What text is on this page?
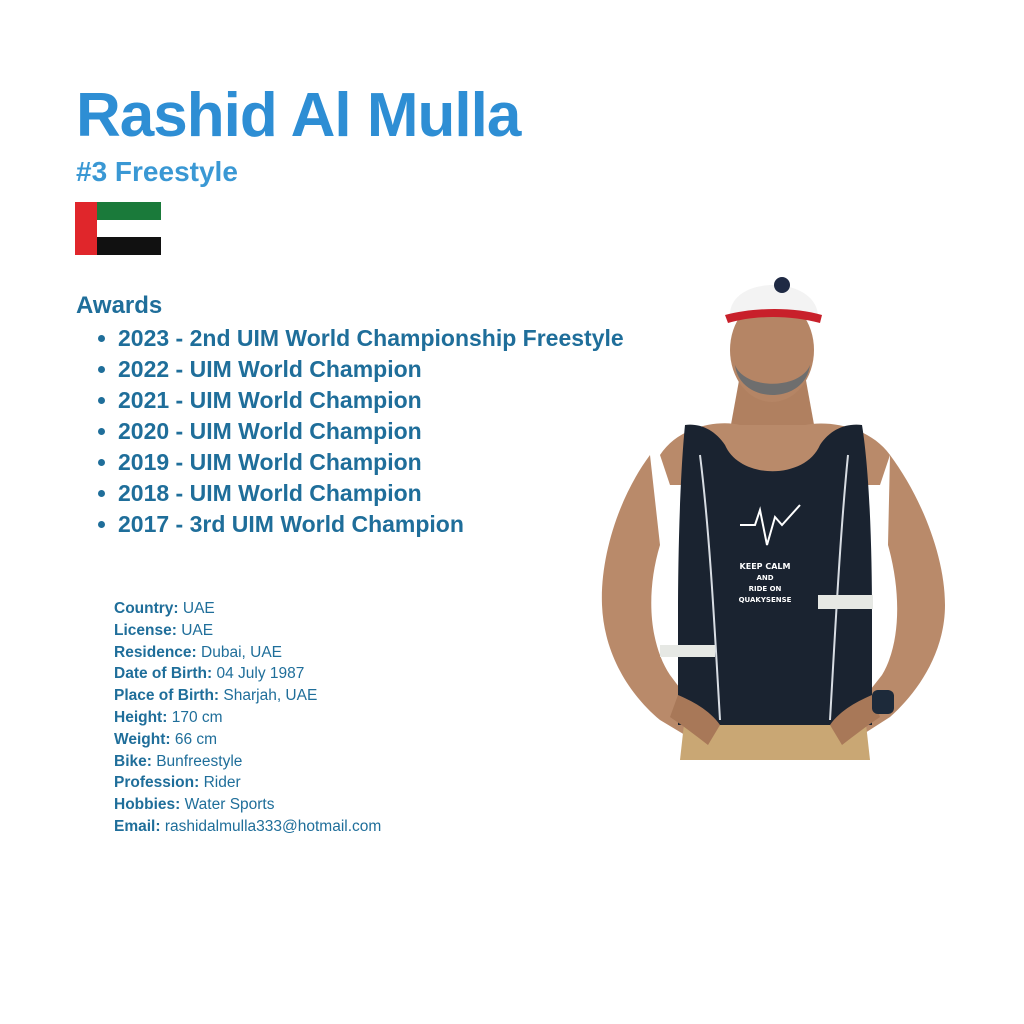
Rashid Al Mulla
#3 Freestyle
Awards
2023 - 2nd UIM World Championship Freestyle
2022 - UIM World Champion
2021 - UIM World Champion
2020 - UIM World Champion
2019 - UIM World Champion
2018 - UIM World Champion
2017 - 3rd UIM World Champion
Country: UAE
License: UAE
Residence: Dubai, UAE
Date of Birth: 04 July 1987
Place of Birth: Sharjah, UAE
Height: 170 cm
Weight: 66 cm
Bike: Bunfreestyle
Profession: Rider
Hobbies: Water Sports
Email: rashidalmulla333@hotmail.com
KEEP CALM
AND
RIDE ON
QUAKYSENSE
